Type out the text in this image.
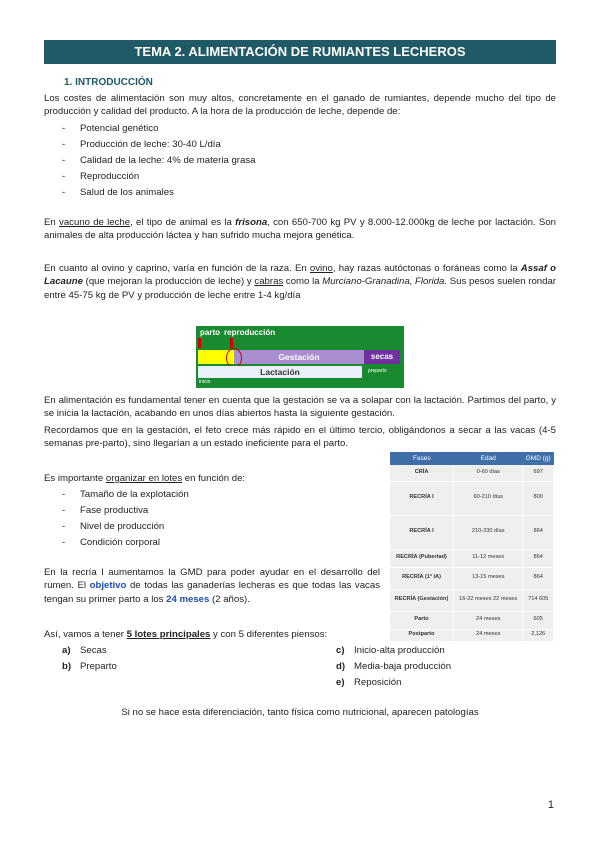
TEMA 2. ALIMENTACIÓN DE RUMIANTES LECHEROS
1. INTRODUCCIÓN
Los costes de alimentación son muy altos, concretamente en el ganado de rumiantes, depende mucho del tipo de producción y calidad del producto. A la hora de la producción de leche, depende de:
- Potencial genético
- Producción de leche: 30-40 L/día
- Calidad de la leche: 4% de materia grasa
- Reproducción
- Salud de los animales
En vacuno de leche, el tipo de animal es la frisona, con 650-700 kg PV y 8.000-12.000kg de leche por lactación. Son animales de alta producción láctea y han sufrido mucha mejora genética.
En cuanto al ovino y caprino, varía en función de la raza. En ovino, hay razas autóctonas o foráneas como la Assaf o Lacaune (que mejoran la producción de leche) y cabras como la Murciano-Granadina, Florida. Sus pesos suelen rondar entre 45-75 kg de PV y producción de leche entre 1-4 kg/día
parto reproducción
Gestación	secas
Lactación	preparto
inicio
En alimentación es fundamental tener en cuenta que la gestación se va a solapar con la lactación. Partimos del parto, y se inicia la lactación, acabando en unos días abiertos hasta la siguiente gestación.
Recordamos que en la gestación, el feto crece más rápido en el último tercio, obligándonos a secar a las vacas (4-5 semanas pre-parto), sino llegarían a un estado ineficiente para el parto.
Es importante organizar en lotes en función de:
- Tamaño de la explotación
- Fase productiva
- Nivel de producción
- Condición corporal
En la recría I aumentamos la GMD para poder ayudar en el desarrollo del rumen. El objetivo de todas las ganaderías lecheras es que todas las vacas tengan su primer parto a los 24 meses (2 años).
Fases	Edad	GMD (g)
CRÍA	0-60 días	697
RECRÍA I	60-210 días	800
RECRÍA I	210-330 días	864
RECRÍA (Pubertad)	11-12 meses	864
RECRÍA (1ª IA)	13-15 meses	864
RECRÍA (Gestación)	16-22 meses 22 meses	714 605
Parto	24 meses	605
Postparto	24 meses	2,126
Así, vamos a tener 5 lotes principales y con 5 diferentes piensos:
a) Secas
b) Preparto
c) Inicio-alta producción
d) Media-baja producción
e) Reposición
Si no se hace esta diferenciación, tanto física como nutricional, aparecen patologías
1
